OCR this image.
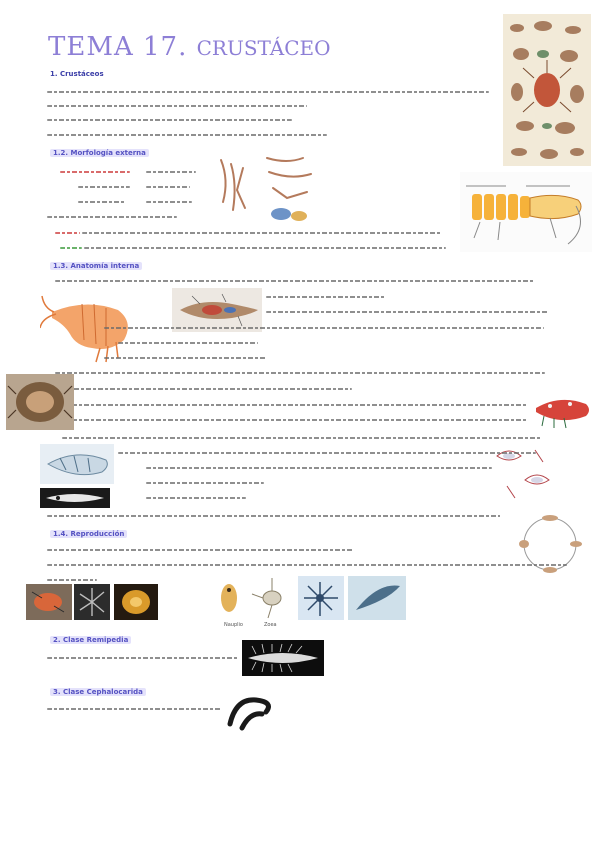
TEMA 17. CRUSTÁCEO
1. Crustáceos
1.2. Morfología externa
1.3. Anatomía interna
1.4. Reproducción
Nauplio	Zoea
2. Clase Remipedia
3. Clase Cephalocarida
